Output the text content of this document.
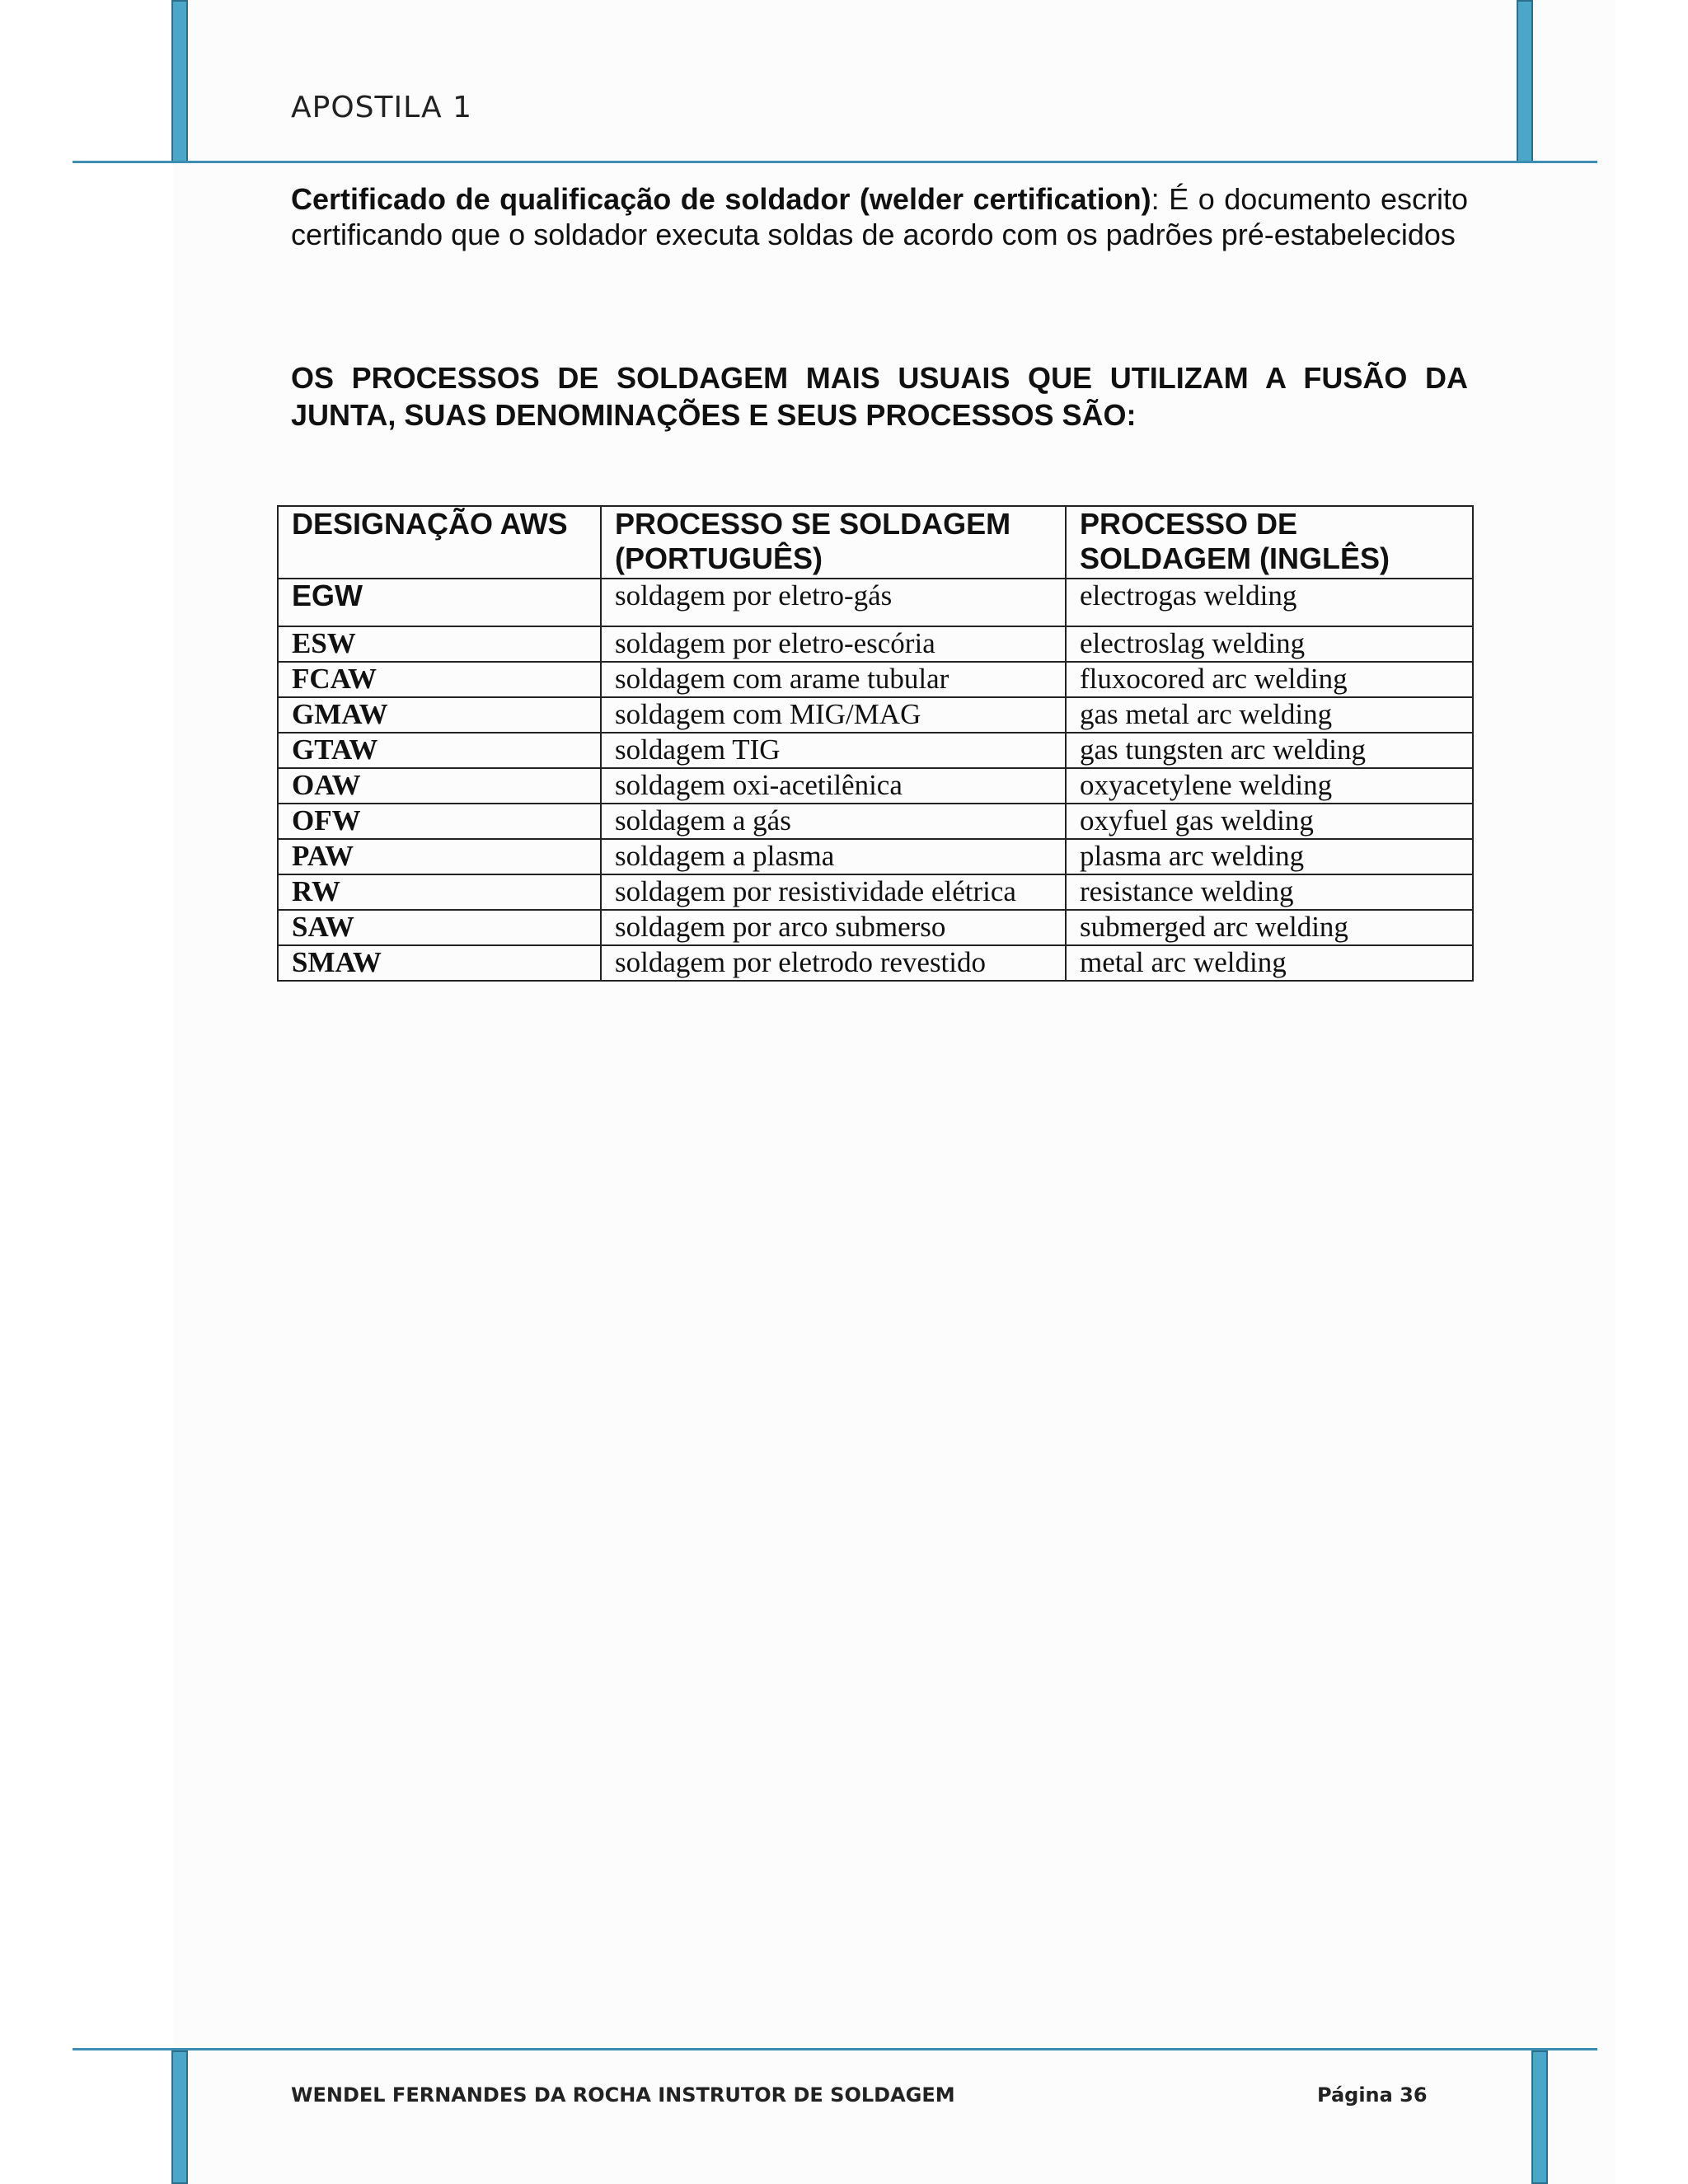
APOSTILA 1
Certificado de qualificação de soldador (welder certification): É o documento escrito certificando que o soldador executa soldas de acordo com os padrões pré-estabelecidos
OS PROCESSOS DE SOLDAGEM MAIS USUAIS QUE UTILIZAM A FUSÃO DA JUNTA, SUAS DENOMINAÇÕES E SEUS PROCESSOS SÃO:
DESIGNAÇÃO AWS	PROCESSO SE SOLDAGEM (PORTUGUÊS)	PROCESSO DE SOLDAGEM (INGLÊS)
EGW	soldagem por eletro-gás	electrogas welding
ESW	soldagem por eletro-escória	electroslag welding
FCAW	soldagem com arame tubular	fluxocored arc welding
GMAW	soldagem com MIG/MAG	gas metal arc welding
GTAW	soldagem TIG	gas tungsten arc welding
OAW	soldagem oxi-acetilênica	oxyacetylene welding
OFW	soldagem a gás	oxyfuel gas welding
PAW	soldagem a plasma	plasma arc welding
RW	soldagem por resistividade elétrica	resistance welding
SAW	soldagem por arco submerso	submerged arc welding
SMAW	soldagem por eletrodo revestido	metal arc welding
WENDEL FERNANDES DA ROCHA INSTRUTOR DE SOLDAGEM	Página 36
